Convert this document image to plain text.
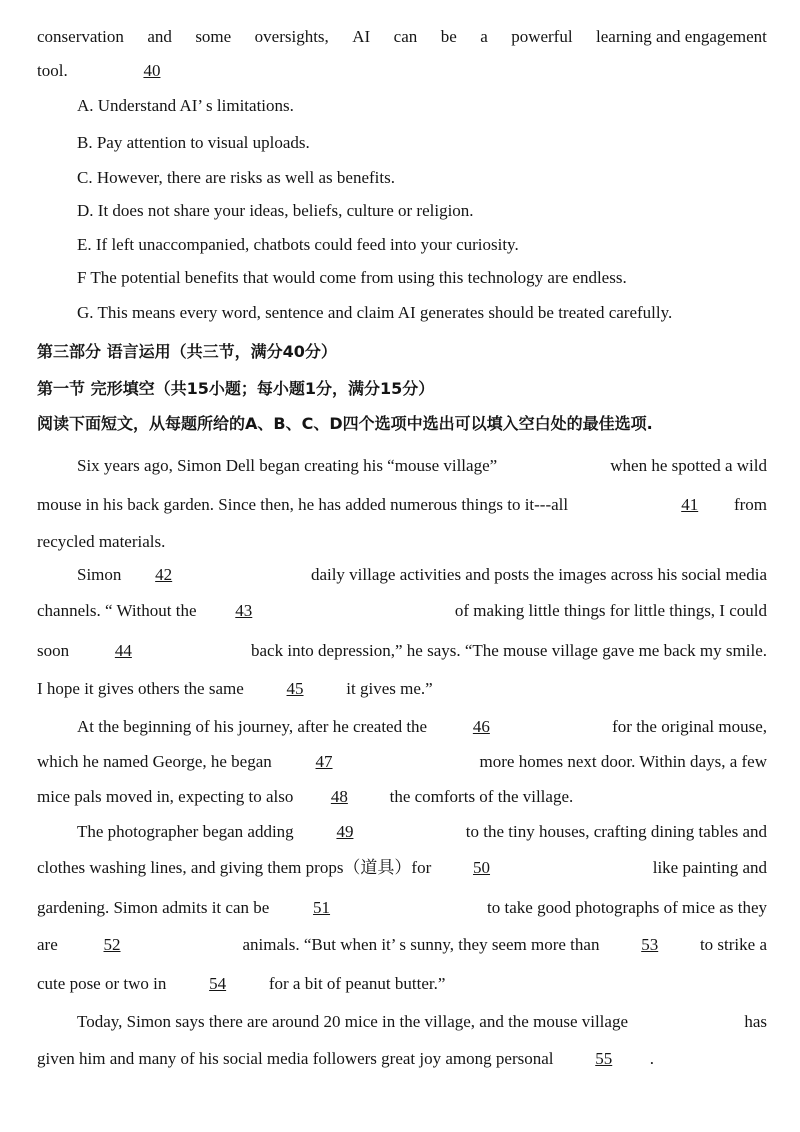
conservation and some oversights, AI can be a powerful learning and engagement
tool.	40
A. Understand AI’ s limitations.
B. Pay attention to visual uploads.
C. However, there are risks as well as benefits.
D. It does not share your ideas, beliefs, culture or religion.
E. If left unaccompanied, chatbots could feed into your curiosity.
F The potential benefits that would come from using this technology are endless.
G. This means every word, sentence and claim AI generates should be treated carefully.
第三部分 语言运用（共三节，满分40分）
第一节 完形填空（共15小题；每小题1分，满分15分）
阅读下面短文，从每题所给的A、B、C、D四个选项中选出可以填入空白处的最佳选项.
Six years ago, Simon Dell began creating his “mouse village”	when he spotted a wild
mouse in his back garden. Since then, he has added numerous things to it---all	41 from
recycled materials.
Simon 42	daily village activities and posts the images across his social media
channels. “ Without the 43	of making little things for little things, I could
soon	44	back into depression,” he says. “The mouse village gave me back my smile.
I hope it gives others the same	45	it gives me.”
At the beginning of his journey, after he created the	46	for the original mouse,
which he named George, he began	47	more homes next door. Within days, a few
mice pals moved in, expecting to also 48 the comforts of the village.
The photographer began adding	49	to the tiny houses, crafting dining tables and
clothes washing lines, and giving them props（道具）for 50	like painting and
gardening. Simon admits it can be	51	to take good photographs of mice as they
are	52	animals. “But when it’ s sunny, they seem more than 53 to strike a
cute pose or two in	54	for a bit of peanut butter.”
Today, Simon says there are around 20 mice in the village, and the mouse village	has
given him and many of his social media followers great joy among personal 55 .
